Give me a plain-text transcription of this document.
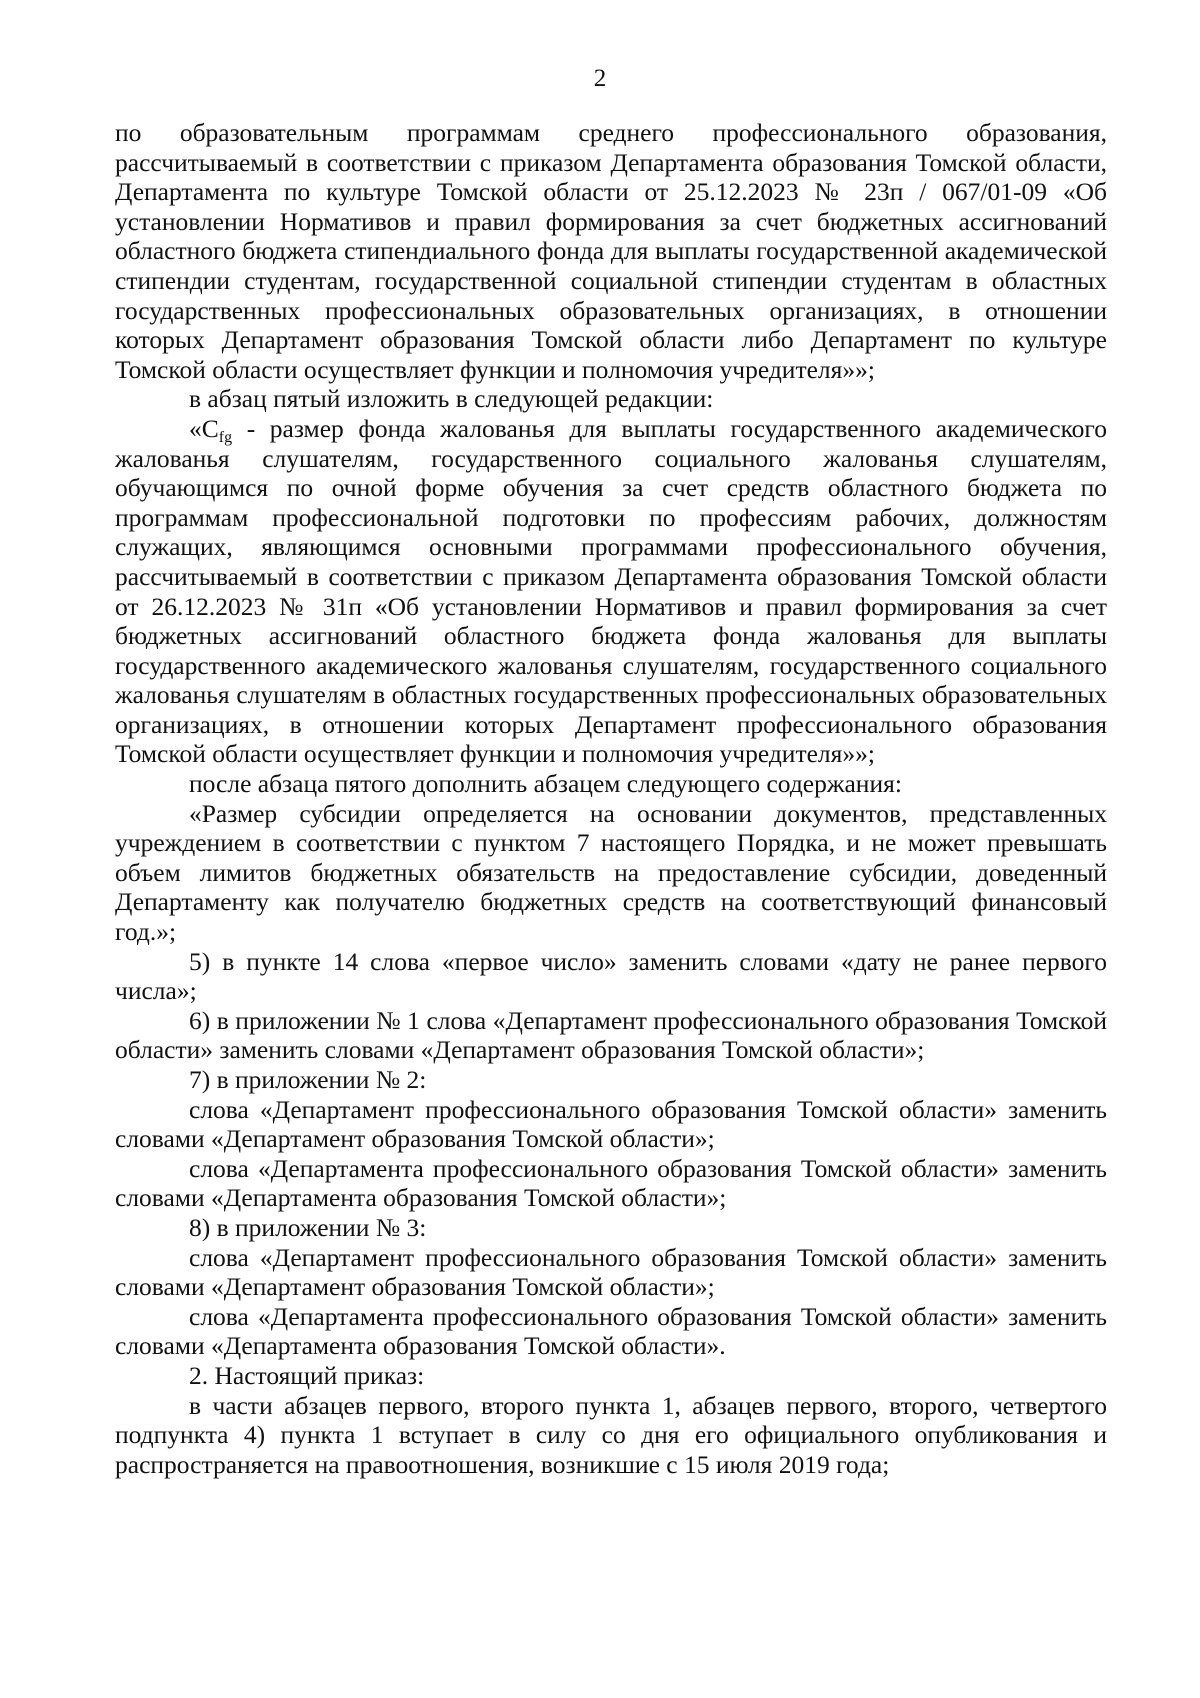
2

по образовательным программам среднего профессионального образования, рассчитываемый в соответствии с приказом Департамента образования Томской области, Департамента по культуре Томской области от 25.12.2023 № 23п / 067/01-09 «Об установлении Нормативов и правил формирования за счет бюджетных ассигнований областного бюджета стипендиального фонда для выплаты государственной академической стипендии студентам, государственной социальной стипендии студентам в областных государственных профессиональных образовательных организациях, в отношении которых Департамент образования Томской области либо Департамент по культуре Томской области осуществляет функции и полномочия учредителя»»;

в абзац пятый изложить в следующей редакции:

«$C_{fg}$ - размер фонда жалованья для выплаты государственного академического жалованья слушателям, государственного социального жалованья слушателям, обучающимся по очной форме обучения за счет средств областного бюджета по программам профессиональной подготовки по профессиям рабочих, должностям служащих, являющимся основными программами профессионального обучения, рассчитываемый в соответствии с приказом Департамента образования Томской области от 26.12.2023 № 31п «Об установлении Нормативов и правил формирования за счет бюджетных ассигнований областного бюджета фонда жалованья для выплаты государственного академического жалованья слушателям, государственного социального жалованья слушателям в областных государственных профессиональных образовательных организациях, в отношении которых Департамент профессионального образования Томской области осуществляет функции и полномочия учредителя»»;

после абзаца пятого дополнить абзацем следующего содержания:

«Размер субсидии определяется на основании документов, представленных учреждением в соответствии с пунктом 7 настоящего Порядка, и не может превышать объем лимитов бюджетных обязательств на предоставление субсидии, доведенный Департаменту как получателю бюджетных средств на соответствующий финансовый год.»;

5) в пункте 14 слова «первое число» заменить словами «дату не ранее первого числа»;

6) в приложении № 1 слова «Департамент профессионального образования Томской области» заменить словами «Департамент образования Томской области»;

7) в приложении № 2:

слова «Департамент профессионального образования Томской области» заменить словами «Департамент образования Томской области»;

слова «Департамента профессионального образования Томской области» заменить словами «Департамента образования Томской области»;

8) в приложении № 3:

слова «Департамент профессионального образования Томской области» заменить словами «Департамент образования Томской области»;

слова «Департамента профессионального образования Томской области» заменить словами «Департамента образования Томской области».

2. Настоящий приказ:

в части абзацев первого, второго пункта 1, абзацев первого, второго, четвертого подпункта 4) пункта 1 вступает в силу со дня его официального опубликования и распространяется на правоотношения, возникшие с 15 июля 2019 года;
